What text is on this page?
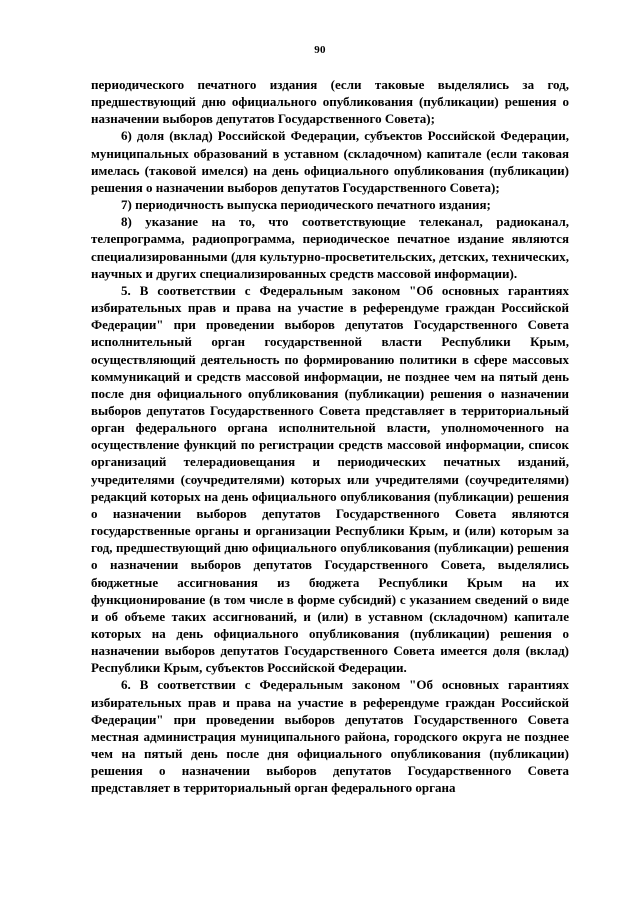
90

периодического печатного издания (если таковые выделялись за год, предшествующий дню официального опубликования (публикации) решения о назначении выборов депутатов Государственного Совета);

6) доля (вклад) Российской Федерации, субъектов Российской Федерации, муниципальных образований в уставном (складочном) капитале (если таковая имелась (таковой имелся) на день официального опубликования (публикации) решения о назначении выборов депутатов Государственного Совета);

7) периодичность выпуска периодического печатного издания;

8) указание на то, что соответствующие телеканал, радиоканал, телепрограмма, радиопрограмма, периодическое печатное издание являются специализированными (для культурно-просветительских, детских, технических, научных и других специализированных средств массовой информации).

5. В соответствии с Федеральным законом "Об основных гарантиях избирательных прав и права на участие в референдуме граждан Российской Федерации" при проведении выборов депутатов Государственного Совета исполнительный орган государственной власти Республики Крым, осуществляющий деятельность по формированию политики в сфере массовых коммуникаций и средств массовой информации, не позднее чем на пятый день после дня официального опубликования (публикации) решения о назначении выборов депутатов Государственного Совета представляет в территориальный орган федерального органа исполнительной власти, уполномоченного на осуществление функций по регистрации средств массовой информации, список организаций телерадиовещания и периодических печатных изданий, учредителями (соучредителями) которых или учредителями (соучредителями) редакций которых на день официального опубликования (публикации) решения о назначении выборов депутатов Государственного Совета являются государственные органы и организации Республики Крым, и (или) которым за год, предшествующий дню официального опубликования (публикации) решения о назначении выборов депутатов Государственного Совета, выделялись бюджетные ассигнования из бюджета Республики Крым на их функционирование (в том числе в форме субсидий) с указанием сведений о виде и об объеме таких ассигнований, и (или) в уставном (складочном) капитале которых на день официального опубликования (публикации) решения о назначении выборов депутатов Государственного Совета имеется доля (вклад) Республики Крым, субъектов Российской Федерации.

6. В соответствии с Федеральным законом "Об основных гарантиях избирательных прав и права на участие в референдуме граждан Российской Федерации" при проведении выборов депутатов Государственного Совета местная администрация муниципального района, городского округа не позднее чем на пятый день после дня официального опубликования (публикации) решения о назначении выборов депутатов Государственного Совета представляет в территориальный орган федерального органа
